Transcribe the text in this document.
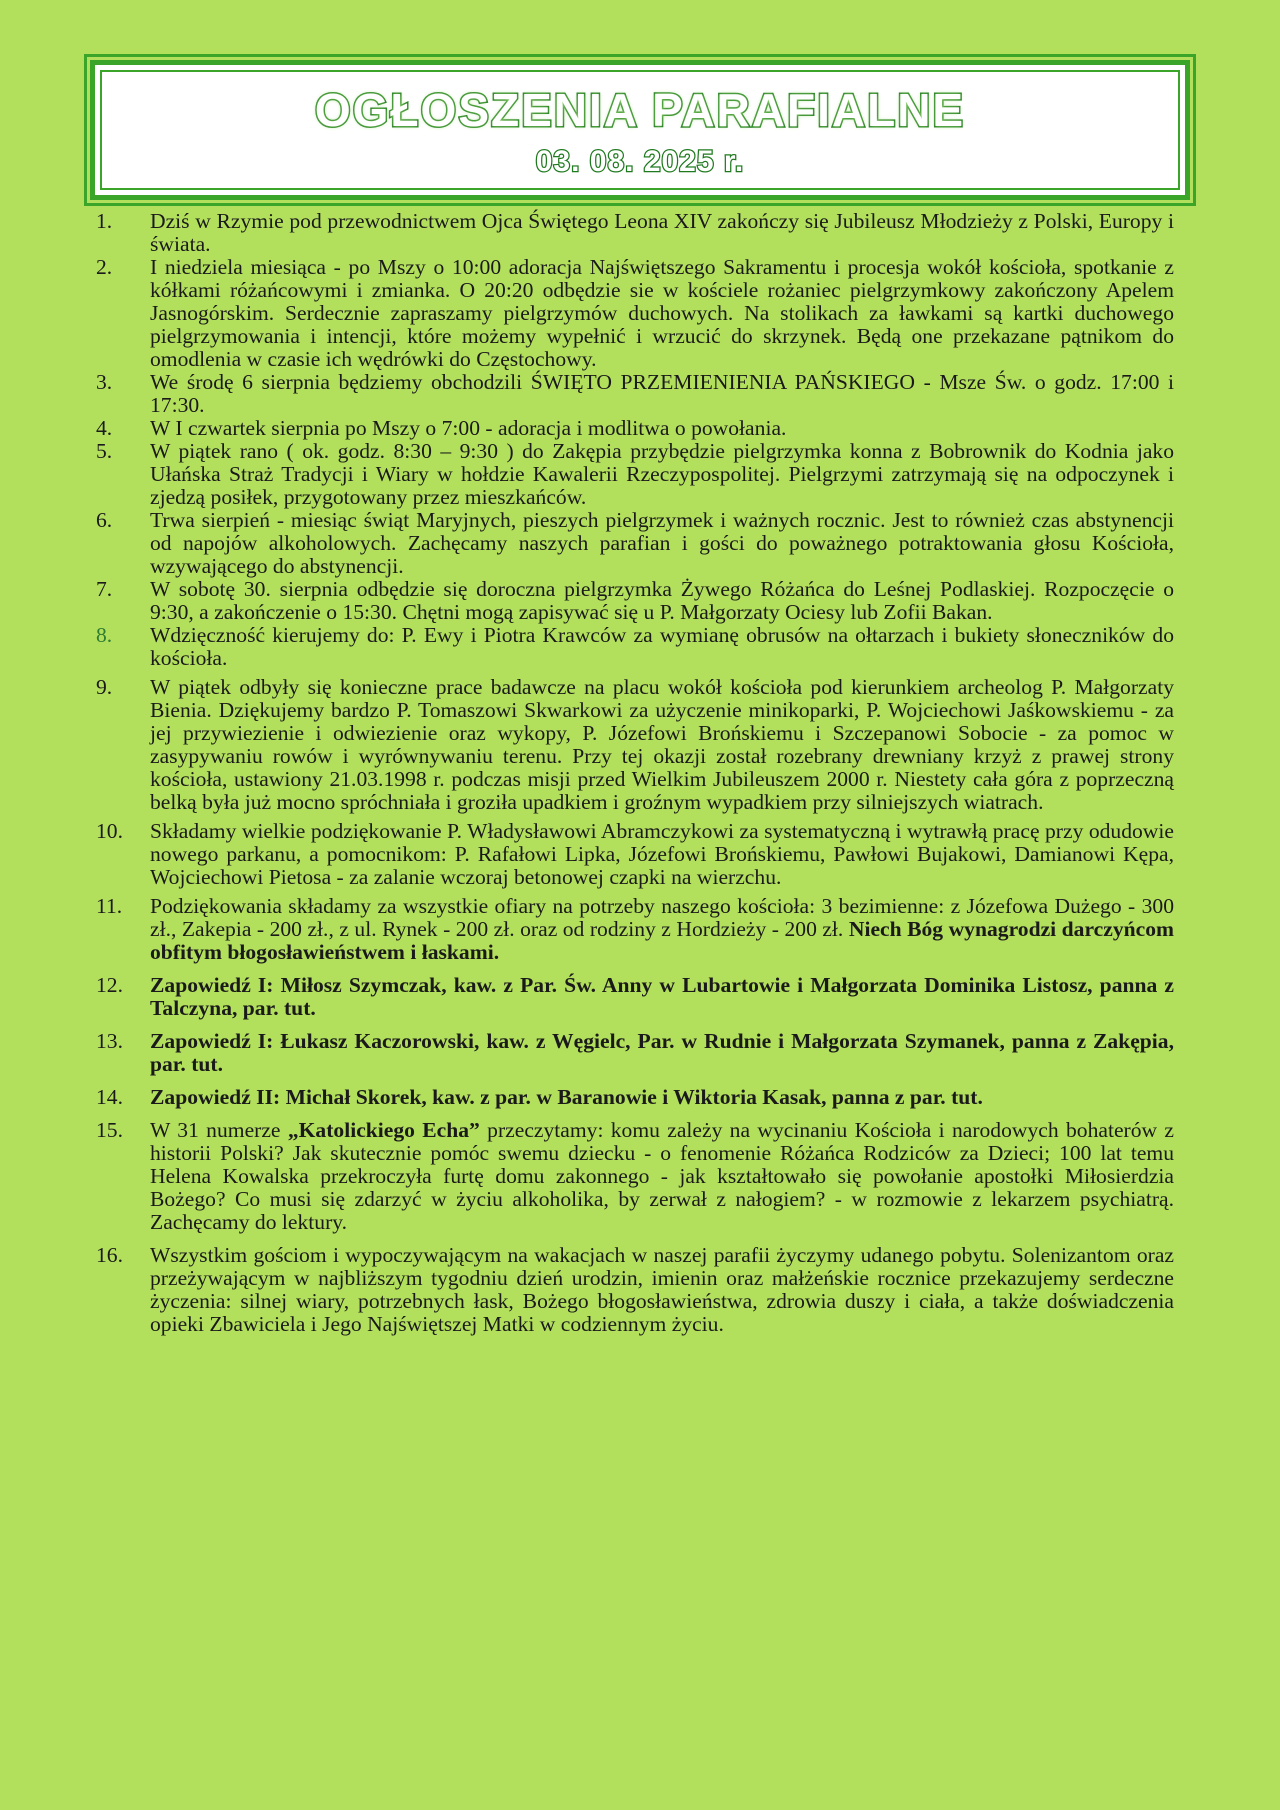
OGŁOSZENIA PARAFIALNE
03. 08. 2025 r.
1.	Dziś w Rzymie pod przewodnictwem Ojca Świętego Leona XIV zakończy się Jubileusz Młodzieży z Polski, Europy i świata.
2.	I niedziela miesiąca - po Mszy o 10:00 adoracja Najświętszego Sakramentu i procesja wokół kościoła, spotkanie z kółkami różańcowymi i zmianka. O 20:20 odbędzie sie w kościele rożaniec pielgrzymkowy zakończony Apelem Jasnogórskim. Serdecznie zapraszamy pielgrzymów duchowych. Na stolikach za ławkami są kartki duchowego pielgrzymowania i intencji, które możemy wypełnić i wrzucić do skrzynek. Będą one przekazane pątnikom do omodlenia w czasie ich wędrówki do Częstochowy.
3.	We środę 6 sierpnia będziemy obchodzili ŚWIĘTO PRZEMIENIENIA PAŃSKIEGO - Msze Św. o godz. 17:00 i 17:30.
4.	W I czwartek sierpnia po Mszy o 7:00 - adoracja i modlitwa o powołania.
5.	W piątek rano ( ok. godz. 8:30 – 9:30 ) do Zakępia przybędzie pielgrzymka konna z Bobrownik do Kodnia jako Ułańska Straż Tradycji i Wiary w hołdzie Kawalerii Rzeczypospolitej. Pielgrzymi zatrzymają się na odpoczynek i zjedzą posiłek, przygotowany przez mieszkańców.
6.	Trwa sierpień - miesiąc świąt Maryjnych, pieszych pielgrzymek i ważnych rocznic. Jest to również czas abstynencji od napojów alkoholowych. Zachęcamy naszych parafian i gości do poważnego potraktowania głosu Kościoła, wzywającego do abstynencji.
7.	W sobotę 30. sierpnia odbędzie się doroczna pielgrzymka Żywego Różańca do Leśnej Podlaskiej. Rozpoczęcie o 9:30, a zakończenie o 15:30. Chętni mogą zapisywać się u P. Małgorzaty Ociesy lub Zofii Bakan.
8.	Wdzięczność kierujemy do: P. Ewy i Piotra Krawców za wymianę obrusów na ołtarzach i bukiety słoneczników do kościoła.
9.	W piątek odbyły się konieczne prace badawcze na placu wokół kościoła pod kierunkiem archeolog P. Małgorzaty Bienia. Dziękujemy bardzo P. Tomaszowi Skwarkowi za użyczenie minikoparki, P. Wojciechowi Jaśkowskiemu - za jej przywiezienie i odwiezienie oraz wykopy, P. Józefowi Brońskiemu i Szczepanowi Sobocie - za pomoc w zasypywaniu rowów i wyrównywaniu terenu. Przy tej okazji został rozebrany drewniany krzyż z prawej strony kościoła, ustawiony 21.03.1998 r. podczas misji przed Wielkim Jubileuszem 2000 r. Niestety cała góra z poprzeczną belką była już mocno spróchniała i groziła upadkiem i groźnym wypadkiem przy silniejszych wiatrach.
10.	Składamy wielkie podziękowanie P. Władysławowi Abramczykowi za systematyczną i wytrawłą pracę przy odudowie nowego parkanu, a pomocnikom: P. Rafałowi Lipka, Józefowi Brońskiemu, Pawłowi Bujakowi, Damianowi Kępa, Wojciechowi Pietosa - za zalanie wczoraj betonowej czapki na wierzchu.
11.	Podziękowania składamy za wszystkie ofiary na potrzeby naszego kościoła: 3 bezimienne: z Józefowa Dużego - 300 zł., Zakepia - 200 zł., z ul. Rynek - 200 zł. oraz od rodziny z Hordzieży - 200 zł. Niech Bóg wynagrodzi darczyńcom obfitym błogosławieństwem i łaskami.
12.	Zapowiedź I: Miłosz Szymczak, kaw. z Par. Św. Anny w Lubartowie i Małgorzata Dominika Listosz, panna z Talczyna, par. tut.
13.	Zapowiedź I: Łukasz Kaczorowski, kaw. z Węgielc, Par. w Rudnie i Małgorzata Szymanek, panna z Zakępia, par. tut.
14.	Zapowiedź II: Michał Skorek, kaw. z par. w Baranowie i Wiktoria Kasak, panna z par. tut.
15.	W 31 numerze „Katolickiego Echa” przeczytamy: komu zależy na wycinaniu Kościoła i narodowych bohaterów z historii Polski? Jak skutecznie pomóc swemu dziecku - o fenomenie Różańca Rodziców za Dzieci; 100 lat temu Helena Kowalska przekroczyła furtę domu zakonnego - jak kształtowało się powołanie apostołki Miłosierdzia Bożego? Co musi się zdarzyć w życiu alkoholika, by zerwał z nałogiem? - w rozmowie z lekarzem psychiatrą. Zachęcamy do lektury.
16.	Wszystkim gościom i wypoczywającym na wakacjach w naszej parafii życzymy udanego pobytu. Solenizantom oraz przeżywającym w najbliższym tygodniu dzień urodzin, imienin oraz małżeńskie rocznice przekazujemy serdeczne życzenia: silnej wiary, potrzebnych łask, Bożego błogosławieństwa, zdrowia duszy i ciała, a także doświadczenia opieki Zbawiciela i Jego Najświętszej Matki w codziennym życiu.
